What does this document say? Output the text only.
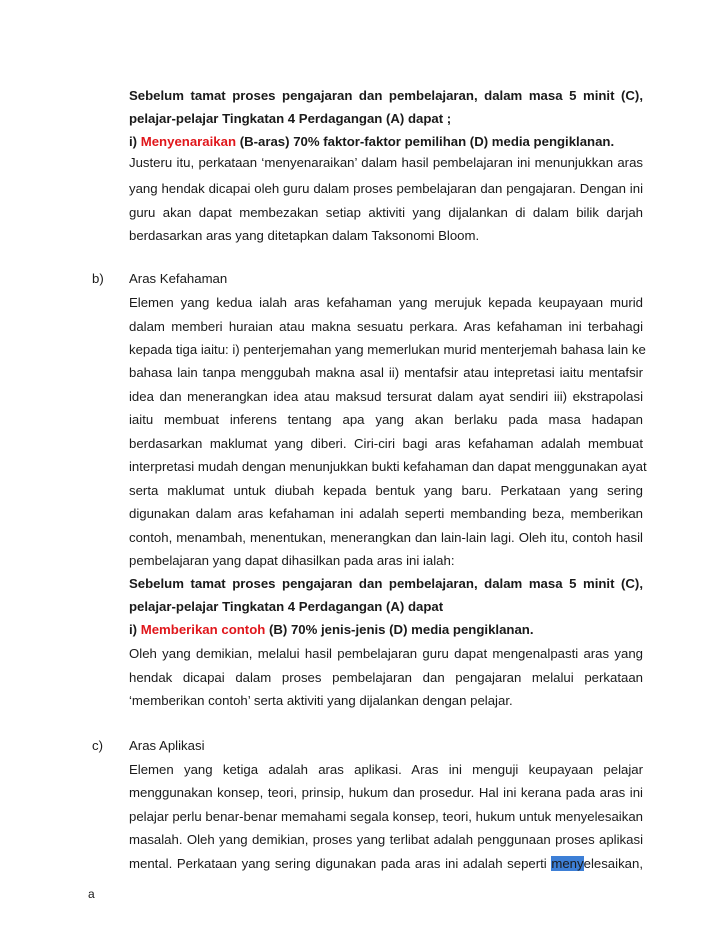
Sebelum tamat proses pengajaran dan pembelajaran, dalam masa 5 minit (C),
pelajar-pelajar Tingkatan 4 Perdagangan (A) dapat ;
i) Menyenaraikan (B-aras) 70% faktor-faktor pemilihan (D) media pengiklanan.
Justeru itu, perkataan ‘menyenaraikan’ dalam hasil pembelajaran ini menunjukkan aras
yang hendak dicapai oleh guru dalam proses pembelajaran dan pengajaran. Dengan ini
guru akan dapat membezakan setiap aktiviti yang dijalankan di dalam bilik darjah
berdasarkan aras yang ditetapkan dalam Taksonomi Bloom.
b) Aras Kefahaman
Elemen yang kedua ialah aras kefahaman yang merujuk kepada keupayaan murid
dalam memberi huraian atau makna sesuatu perkara. Aras kefahaman ini terbahagi
kepada tiga iaitu: i) penterjemahan yang memerlukan murid menterjemah bahasa lain ke
bahasa lain tanpa menggubah makna asal ii) mentafsir atau intepretasi iaitu mentafsir
idea dan menerangkan idea atau maksud tersurat dalam ayat sendiri iii) ekstrapolasi
iaitu membuat inferens tentang apa yang akan berlaku pada masa hadapan
berdasarkan maklumat yang diberi. Ciri-ciri bagi aras kefahaman adalah membuat
interpretasi mudah dengan menunjukkan bukti kefahaman dan dapat menggunakan ayat
serta maklumat untuk diubah kepada bentuk yang baru. Perkataan yang sering
digunakan dalam aras kefahaman ini adalah seperti membanding beza, memberikan
contoh, menambah, menentukan, menerangkan dan lain-lain lagi. Oleh itu, contoh hasil
pembelajaran yang dapat dihasilkan pada aras ini ialah:
Sebelum tamat proses pengajaran dan pembelajaran, dalam masa 5 minit (C),
pelajar-pelajar Tingkatan 4 Perdagangan (A) dapat
i) Memberikan contoh (B) 70% jenis-jenis (D) media pengiklanan.
Oleh yang demikian, melalui hasil pembelajaran guru dapat mengenalpasti aras yang
hendak dicapai dalam proses pembelajaran dan pengajaran melalui perkataan
‘memberikan contoh’ serta aktiviti yang dijalankan dengan pelajar.
c) Aras Aplikasi
Elemen yang ketiga adalah aras aplikasi. Aras ini menguji keupayaan pelajar
menggunakan konsep, teori, prinsip, hukum dan prosedur. Hal ini kerana pada aras ini
pelajar perlu benar-benar memahami segala konsep, teori, hukum untuk menyelesaikan
masalah. Oleh yang demikian, proses yang terlibat adalah penggunaan proses aplikasi
mental. Perkataan yang sering digunakan pada aras ini adalah seperti menyelesaikan,
a
